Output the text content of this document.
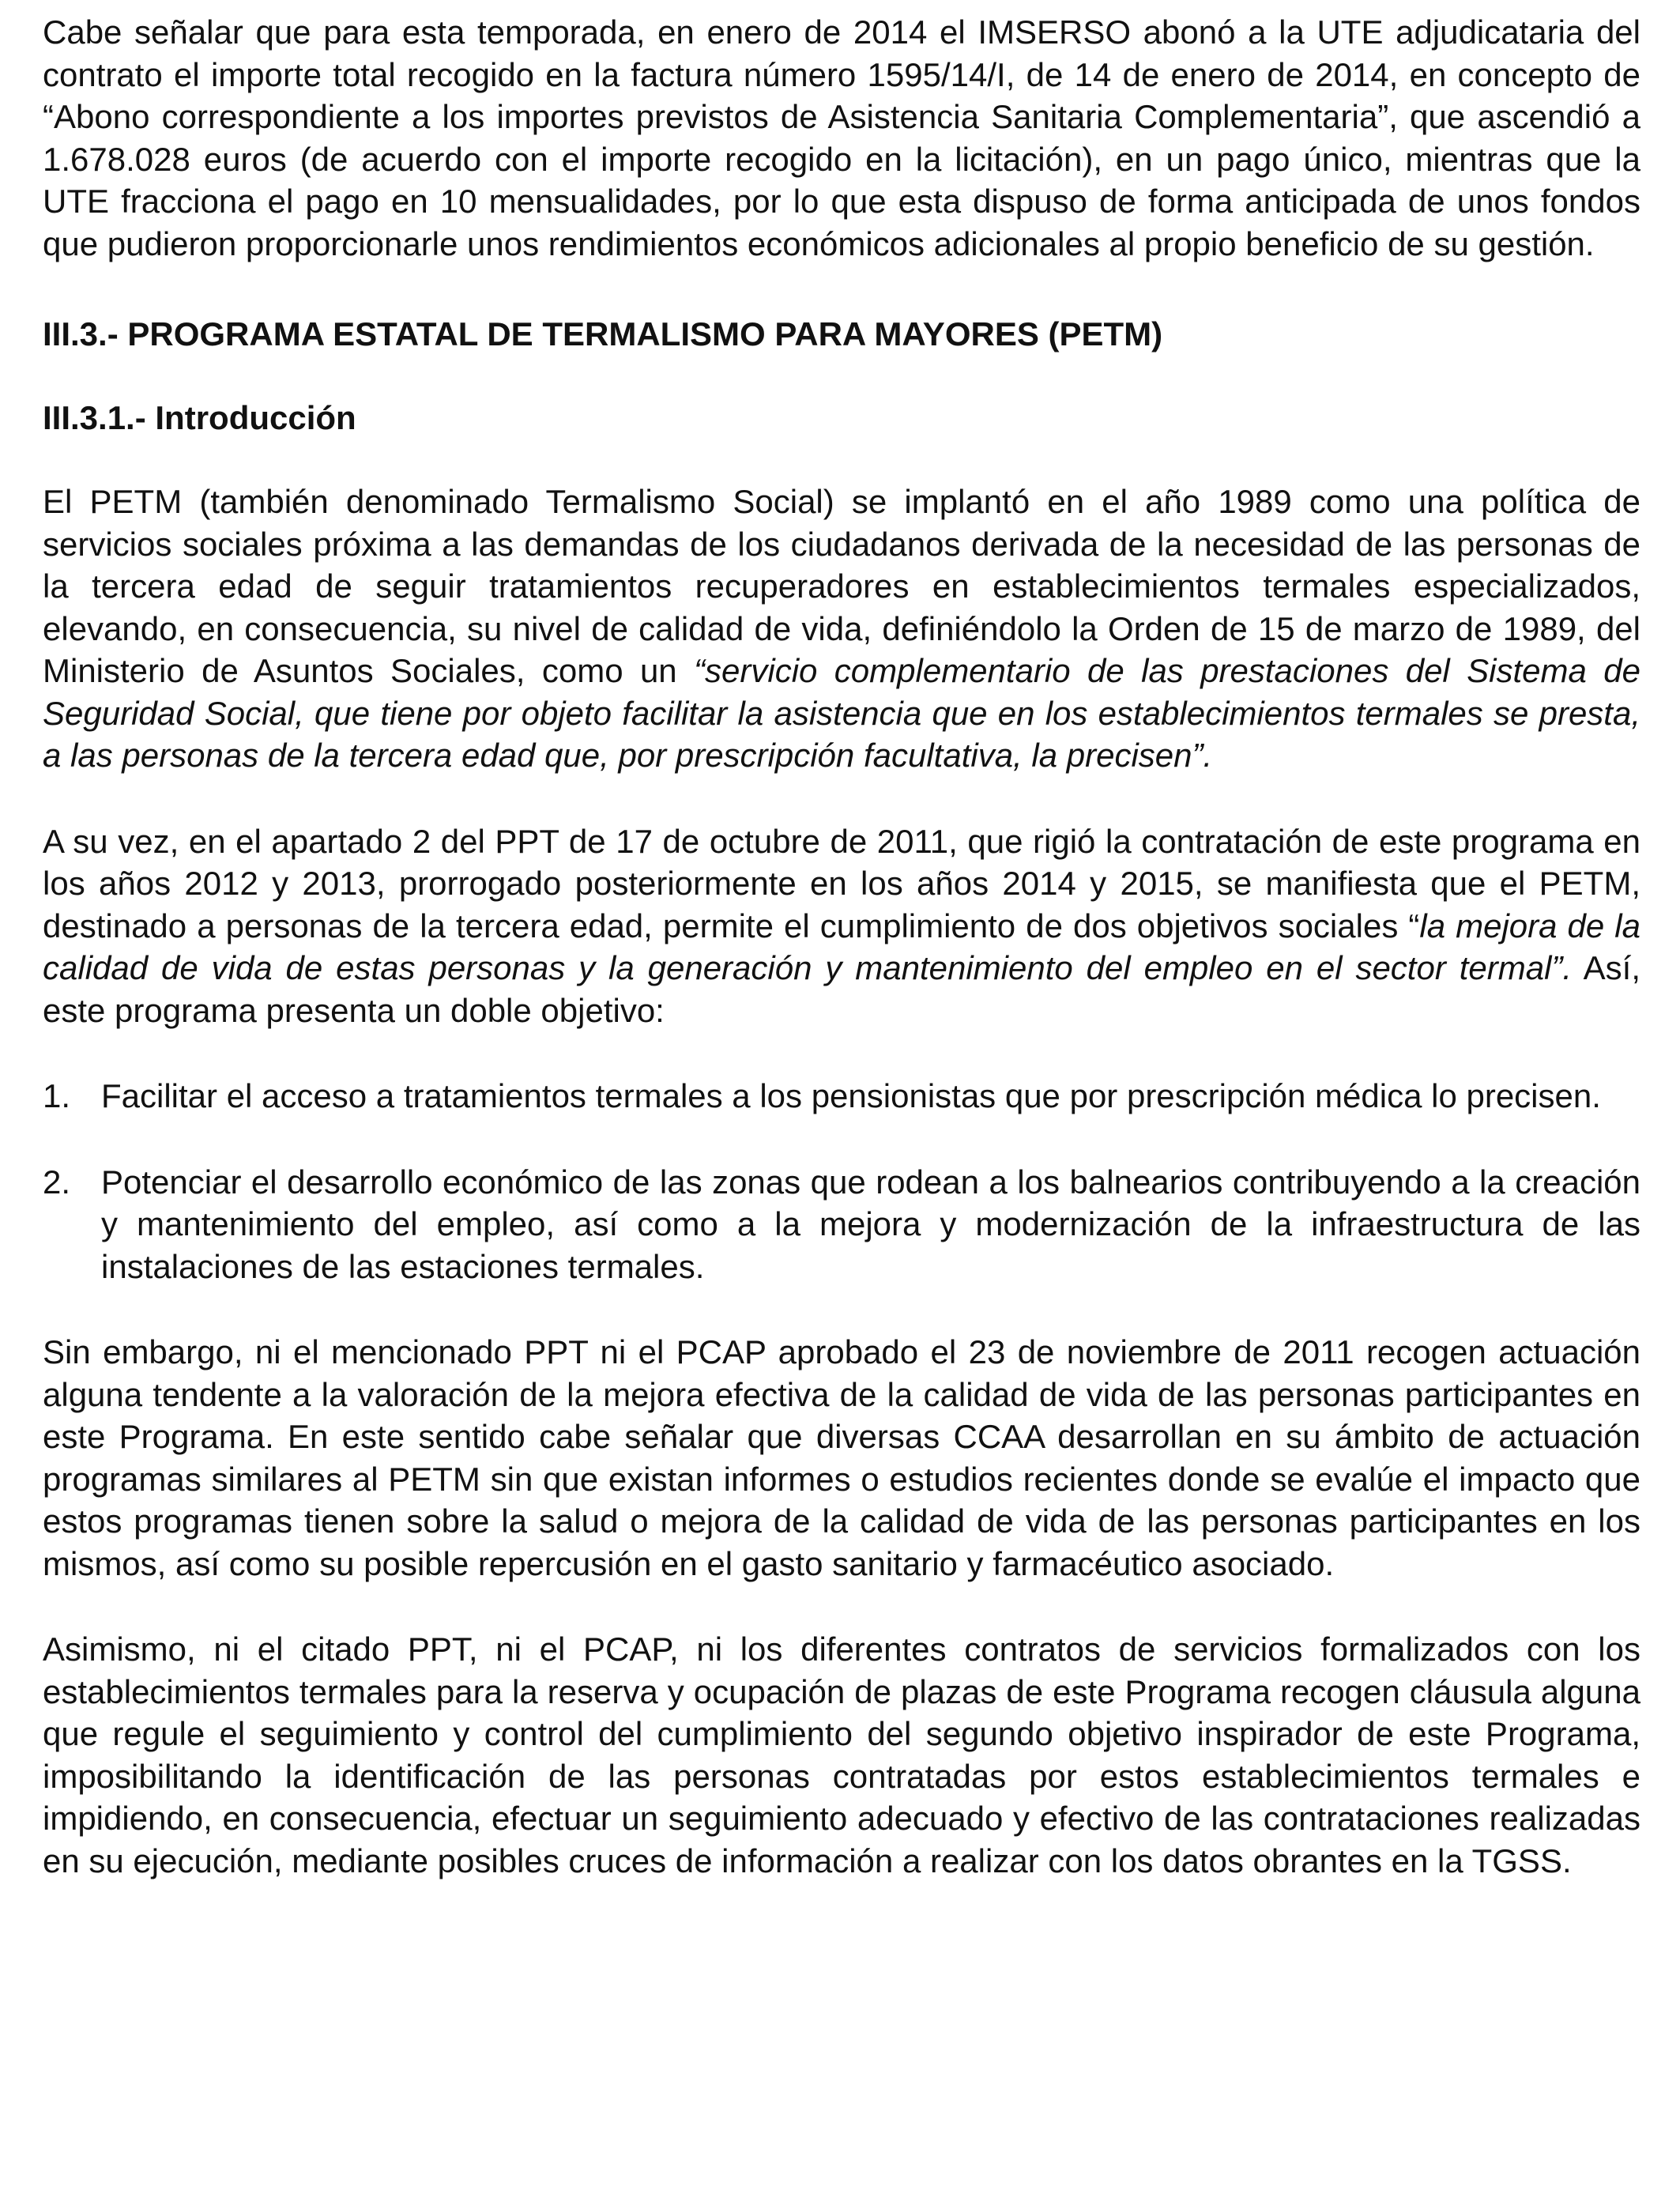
Cabe señalar que para esta temporada, en enero de 2014 el IMSERSO abonó a la UTE adjudicataria del contrato el importe total recogido en la factura número 1595/14/I, de 14 de enero de 2014, en concepto de “Abono correspondiente a los importes previstos de Asistencia Sanitaria Complementaria”, que ascendió a 1.678.028 euros (de acuerdo con el importe recogido en la licitación), en un pago único, mientras que la UTE fracciona el pago en 10 mensualidades, por lo que esta dispuso de forma anticipada de unos fondos que pudieron proporcionarle unos rendimientos económicos adicionales al propio beneficio de su gestión.

III.3.- PROGRAMA ESTATAL DE TERMALISMO PARA MAYORES (PETM)
III.3.1.- Introducción

El PETM (también denominado Termalismo Social) se implantó en el año 1989 como una política de servicios sociales próxima a las demandas de los ciudadanos derivada de la necesidad de las personas de la tercera edad de seguir tratamientos recuperadores en establecimientos termales especializados, elevando, en consecuencia, su nivel de calidad de vida, definiéndolo la Orden de 15 de marzo de 1989, del Ministerio de Asuntos Sociales, como un “servicio complementario de las prestaciones del Sistema de Seguridad Social, que tiene por objeto facilitar la asistencia que en los establecimientos termales se presta, a las personas de la tercera edad que, por prescripción facultativa, la precisen”.

A su vez, en el apartado 2 del PPT de 17 de octubre de 2011, que rigió la contratación de este programa en los años 2012 y 2013, prorrogado posteriormente en los años 2014 y 2015, se manifiesta que el PETM, destinado a personas de la tercera edad, permite el cumplimiento de dos objetivos sociales “la mejora de la calidad de vida de estas personas y la generación y mantenimiento del empleo en el sector termal”. Así, este programa presenta un doble objetivo:

1. Facilitar el acceso a tratamientos termales a los pensionistas que por prescripción médica lo precisen.
2. Potenciar el desarrollo económico de las zonas que rodean a los balnearios contribuyendo a la creación y mantenimiento del empleo, así como a la mejora y modernización de la infraestructura de las instalaciones de las estaciones termales.

Sin embargo, ni el mencionado PPT ni el PCAP aprobado el 23 de noviembre de 2011 recogen actuación alguna tendente a la valoración de la mejora efectiva de la calidad de vida de las personas participantes en este Programa. En este sentido cabe señalar que diversas CCAA desarrollan en su ámbito de actuación programas similares al PETM sin que existan informes o estudios recientes donde se evalúe el impacto que estos programas tienen sobre la salud o mejora de la calidad de vida de las personas participantes en los mismos, así como su posible repercusión en el gasto sanitario y farmacéutico asociado.

Asimismo, ni el citado PPT, ni el PCAP, ni los diferentes contratos de servicios formalizados con los establecimientos termales para la reserva y ocupación de plazas de este Programa recogen cláusula alguna que regule el seguimiento y control del cumplimiento del segundo objetivo inspirador de este Programa, imposibilitando la identificación de las personas contratadas por estos establecimientos termales e impidiendo, en consecuencia, efectuar un seguimiento adecuado y efectivo de las contrataciones realizadas en su ejecución, mediante posibles cruces de información a realizar con los datos obrantes en la TGSS.
